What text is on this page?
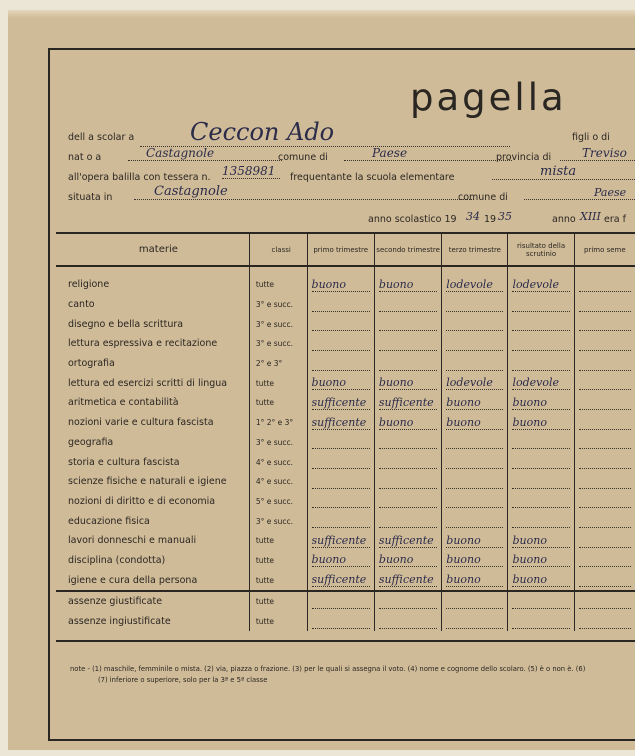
pagella
dell a scolar a	Ceccon Ado	figli o di
nat o a	Castagnole	comune di	Paese	provincia di	Treviso
all'opera balilla con tessera n. 1358981	frequentante la scuola elementare	mista
situata in	Castagnole	comune di	Paese
anno scolastico 19 34 19 35	anno XIII era f
materie	classi	primo trimestre	secondo trimestre	terzo trimestre	risultato della scrutinio	primo seme

religione	tutte	buono	buono	lodevole	lodevole	

canto	3° e succ.	

disegno e bella scrittura	3° e succ.	

lettura espressiva e recitazione	3° e succ.	

ortografia	2° e 3°	

lettura ed esercizi scritti di lingua	tutte	buono	buono	lodevole	lodevole	

aritmetica e contabilità	tutte	sufficente	sufficente	buono	buono	

nozioni varie e cultura fascista	1° 2° e 3°	sufficente	buono	buono	buono	

geografia	3° e succ.	

storia e cultura fascista	4° e succ.	

scienze fisiche e naturali e igiene	4° e succ.	

nozioni di diritto e di economia	5° e succ.	

educazione fisica	3° e succ.	

lavori donneschi e manuali	tutte	sufficente	sufficente	buono	buono	

disciplina (condotta)	tutte	buono	buono	buono	buono	

igiene e cura della persona	tutte	sufficente	sufficente	buono	buono	

assenze giustificate	tutte	

assenze ingiustificate	tutte	

note - (1) maschile, femminile o mista. (2) via, piazza o frazione. (3) per le quali si assegna il voto. (4) nome e cognome dello scolaro. (5) è o non è. (6)
(7) inferiore o superiore, solo per la 3ª e 5ª classe
